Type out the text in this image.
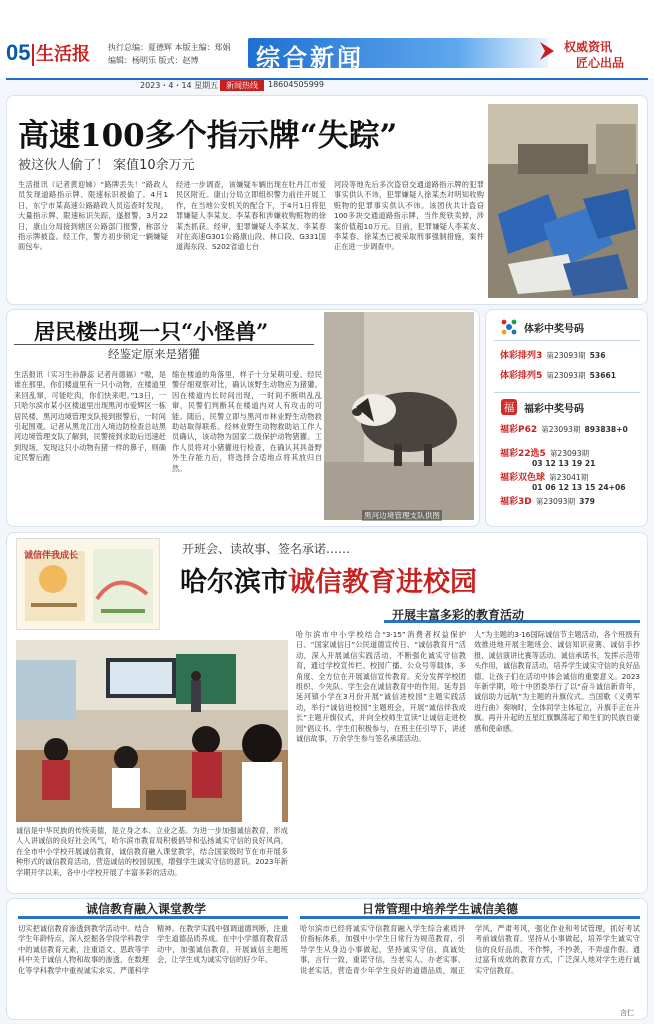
05 生活报 执行总编：夏德辉 本版主编：郑娟
编辑：杨明乐 版式：赵博 综合新闻	权威资讯
匠心出品
2023・4・14 星期五 新闻热线	18604505999
高速100多个指示牌“失踪”
被这伙人偷了！ 案值10余万元
生活报讯（记者黄迎娣）“路牌丢失！”路政人员发现道路指示牌、限速标识被偷了。4月1日，东宁市某高速公路路政人员巡查时发现，大量指示牌、限速标识失踪，遂报警。3月22日，康山分局接到辖区公路部门报警，称部分指示牌被盗。经工作，警方初步锁定一辆嫌疑面包车。
经进一步调查，该嫌疑车辆出现在牡丹江市爱民区附近。康山分局立即组织警力前往开展工作，在当地公安机关的配合下，于4月1日将犯罪嫌疑人李某友、李某春和涉嫌收购赃物的徐某杰抓获。经审，犯罪嫌疑人李某友、李某春对在高速G301公路康山段、林口段、G331国道海东段、S202省道七台
河段等地先后多次盗窃交通道路指示牌的犯罪事实供认不讳，犯罪嫌疑人徐某杰对明知收购赃物的犯罪事实供认不讳。该团伙共计盗窃100多块交通道路指示牌，当作废铁卖掉，涉案价值超10万元。目前，犯罪嫌疑人李某友、李某春、徐某杰已被采取刑事强制措施，案件正在进一步调查中。
居民楼出现一只“小怪兽”
经鉴定原来是猪獾
生活报讯（实习生孙静蕊 记者肖德福）“嗷，是谁在那里，你们楼道里有一只小动物，在楼道里来回乱窜，可能吃肉，你们快来吧。”13日，一只哈尔滨市某小区楼道里出现黑河市爱辉区一栋居民楼，黑河边境管理支队接到报警后，一时间引起围观。记者从黑龙江出入境边防检查总站黑河边境管理支队了解到，民警接到求助后迅速赶到现场，发现这只小动物有猪一样的鼻子，则确定民警后跑
缩在楼道的角落里，样子十分呆萌可爱。经民警仔细观察对比，确认该野生动物应为猪獾。因在楼道内长时间出现，一时间不断哄乱乱窜，民警们判断其在楼道内对人有攻击的可能。随后，民警立即与黑河市林业野生动物救助站取得联系。经林业野生动物救助站工作人员确认，该动物为国家二级保护动物猪獾。工作人员将对小猪獾进行检查，在确认其具备野外生存能力后，将选择合适地点将其放归自然。
黑河边境管理支队供图
体彩中奖号码
体彩排列3 第23093期 536
体彩排列5 第23093期 53661
福 福彩中奖号码
福彩P62 第23093期 893838+0
福彩22选5 第23093期
03 12 13 19 21
福彩双色球 第23041期
01 06 12 13 15 24+06
福彩3D 第23093期 379
诚信伴我成长	开班会、读故事、签名承诺……
哈尔滨市诚信教育进校园
开展丰富多彩的教育活动
诚信是中华民族的传统美德，是立身之本、立业之基。为进一步加强诚信教育，形成人人讲诚信的良好社会风气，哈尔滨市教育局积极倡导和弘扬诚实守信的良好风尚，在全市中小学校开展诚信教育，诚信教育融入课堂教学，结合国家级时节在市开展多种形式的诚信教育活动，营造诚信的校园氛围，增强学生诚实守信的意识。2023年新学期开学以来，各中小学校开展了丰富多彩的活动。
哈尔滨市中小学校结合“3·15”消费者权益保护日、“国家诚信日”公民道德宣传日、“诚信教育月”活动，深入开展诚信实践活动，不断强化诚实守信教育，通过学校宣传栏、校园广播、公众号等载体，多角度、全方位在开展诚信宣传教育。充分发挥学校团组织、少先队、学生会在诚信教育中的作用。延寿县延河镇小学在3月份开展“诚信进校园”主题实践活动，举行“诚信进校园”主题班会，开展“诚信伴我成长”主题升旗仪式，并向全校师生宣读“让诚信走进校园”倡议书。学生们积极参与，在班主任引导下，讲述诚信故事，万余学生参与签名承诺活动。
人”为主题的3·16国际诚信节主题活动，各个班级有效推进地开展主题班会、诚信知识竞赛、诚信手抄报、诚信演讲比赛等活动。诚信承诺书，发挥示范带头作用，诚信教育活动，培养学生诚实守信的良好品德。让孩子们在活动中体会诚信的重要意义。2023年新学期，哈十中团委举行了以“奋斗诚信新青年，诚信助力远航”为主题的升旗仪式。当国歌《义勇军进行曲》奏响时，全体同学主体起立，升旗手正在升旗。再升升起的五星红旗飘荡起了师生们的民族自豪感和使命感。
诚信教育融入课堂教学
切实把诚信教育渗透到教学活动中。结合学生年龄特点，深入挖掘各学段学科教学中的诚信教育元素，注重语文、思政等学科中关于诚信人物和故事的渗透，在数理化等学科教学中重视诚实求实、严谨科学精神。在教学实践中强调道德判断，注重学生道德品质养成。在中小学德育教育活动中，加强诚信教育，开展诚信主题班会，让学生成为诚实守信的好少年。
日常管理中培养学生诚信美德
哈尔滨市已经将诚实守信教育融入学生综合素质评价指标体系，加强中小学生日常行为规范教育，引导学生从身边小事做起，坚持诚实守信，真诚处事，言行一致，重诺守信，当老实人、办老实事、说老实话，营造青少年学生良好的道德品质，端正学风，严肃考风，强化作业和考试管理，抓好考试考前诚信教育。坚持从小事做起，培养学生诚实守信的良好品质，不作弊，不抄袭，不弄虚作假。通过富有成效的教育方式，广泛深入地对学生进行诚实守信教育。
言仁
